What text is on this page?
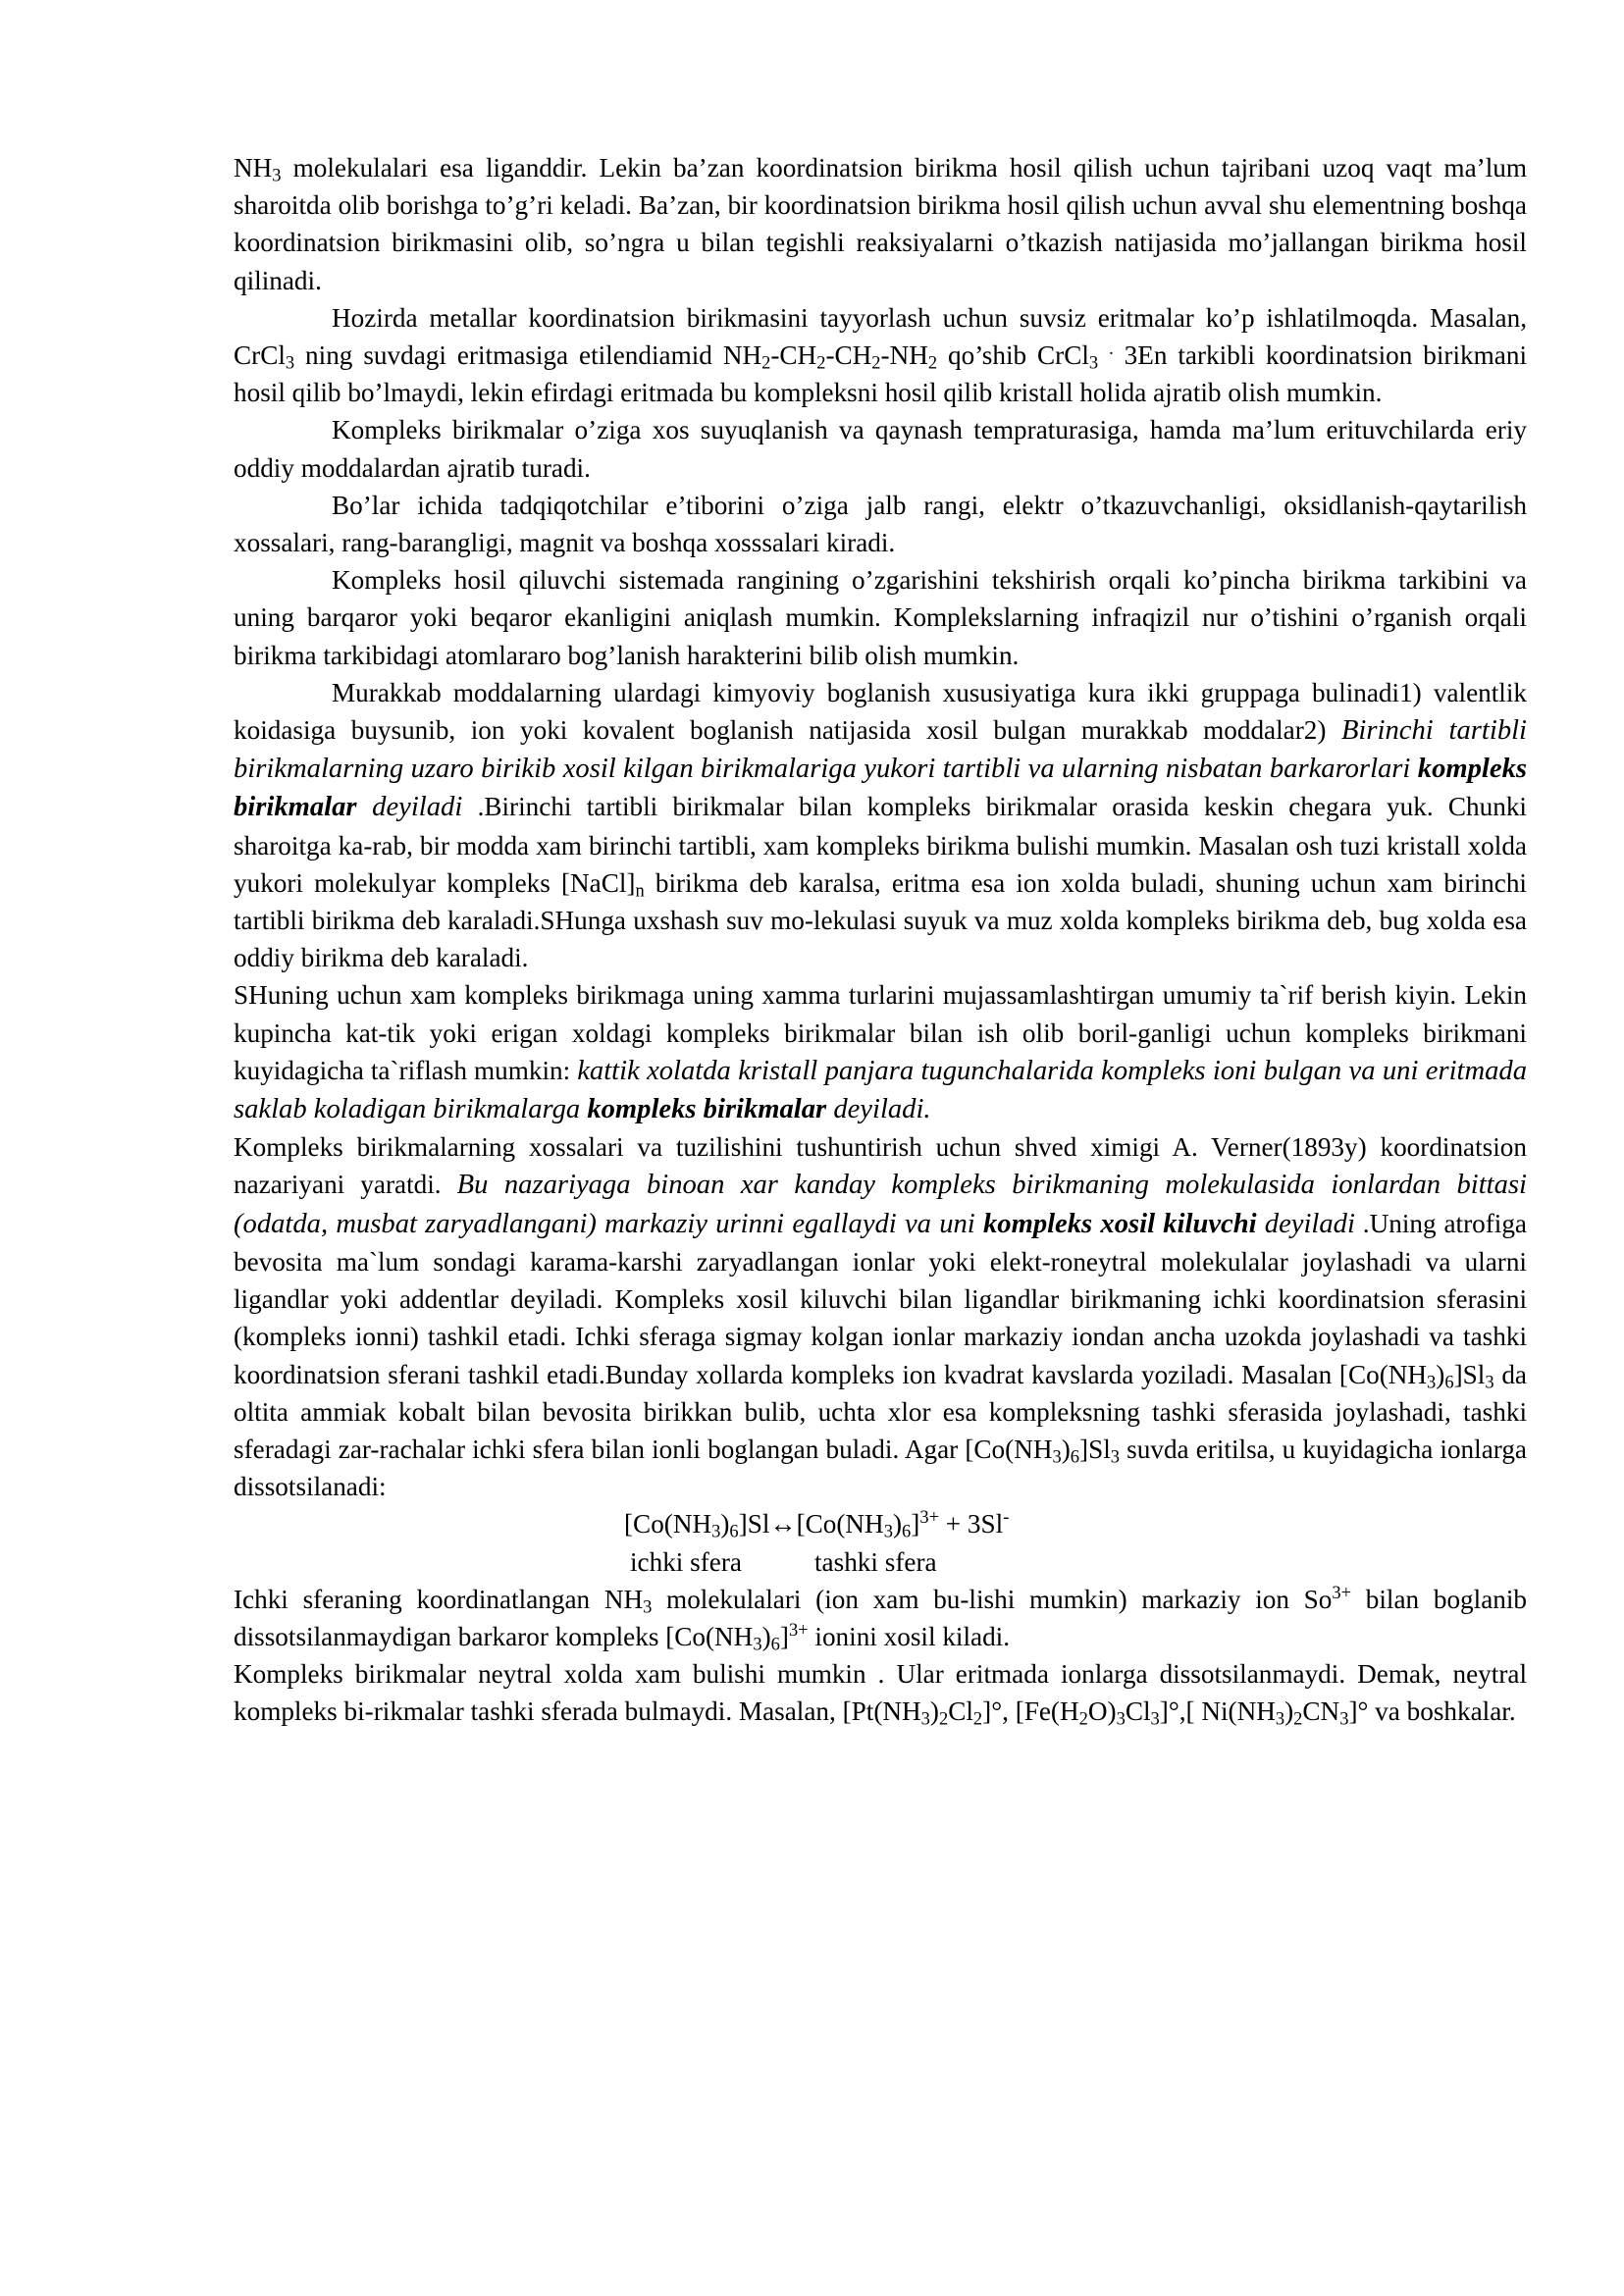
$NH_3$ molekulalari esa liganddir. Lekin ba’zan koordinatsion birikma hosil qilish uchun tajribani uzoq vaqt ma’lum sharoitda olib borishga to’g’ri keladi. Ba’zan, bir koordinatsion birikma hosil qilish uchun avval shu elementning boshqa koordinatsion birikmasini olib, so’ngra u bilan tegishli reaksiyalarni o’tkazish natijasida mo’jallangan birikma hosil qilinadi.

Hozirda metallar koordinatsion birikmasini tayyorlash uchun suvsiz eritmalar ko’p ishlatilmoqda. Masalan, CrCl$_3$ ning suvdagi eritmasiga etilendiamid $NH_2-CH_2-CH_2-NH_2$ qo’shib CrCl$_3$ . 3En tarkibli koordinatsion birikmani hosil qilib bo’lmaydi, lekin efirdagi eritmada bu kompleksni hosil qilib kristall holida ajratib olish mumkin.

Kompleks birikmalar o’ziga xos suyuqlanish va qaynash tempraturasiga, hamda ma’lum erituvchilarda eriy oddiy moddalardan ajratib turadi.

Bo’lar ichida tadqiqotchilar e’tiborini o’ziga jalb rangi, elektr o’tkazuvchanligi, oksidlanish-qaytarilish xossalari, rang-barangligi, magnit va boshqa xosssalari kiradi.

Kompleks hosil qiluvchi sistemada rangining o’zgarishini tekshirish orqali ko’pincha birikma tarkibini va uning barqaror yoki beqaror ekanligini aniqlash mumkin. Komplekslarning infraqizil nur o’tishini o’rganish orqali birikma tarkibidagi atomlararo bog’lanish harakterini bilib olish mumkin.

Murakkab moddalarning ulardagi kimyoviy boglanish xususiyatiga kura ikki gruppaga bulinadi1) valentlik koidasiga buysunib, ion yoki kovalent boglanish natijasida xosil bulgan murakkab moddalar2) Birinchi tartibli birikmalarning uzaro birikib xosil kilgan birikmalariga yukori tartibli va ularning nisbatan barkarorlari kompleks birikmalar deyiladi .Birinchi tartibli birikmalar bilan kompleks birikmalar orasida keskin chegara yuk. Chunki sharoitga ka-rab, bir modda xam birinchi tartibli, xam kompleks birikma bulishi mumkin. Masalan osh tuzi kristall xolda yukori molekulyar kompleks $[NaCl]_n$ birikma deb karalsa, eritma esa ion xolda buladi, shuning uchun xam birinchi tartibli birikma deb karaladi.SHunga uxshash suv mo-lekulasi suyuk va muz xolda kompleks birikma deb, bug xolda esa oddiy birikma deb karaladi.

SHuning uchun xam kompleks birikmaga uning xamma turlarini mujassamlashtirgan umumiy ta`rif berish kiyin. Lekin kupincha kat-tik yoki erigan xoldagi kompleks birikmalar bilan ish olib boril-ganligi uchun kompleks birikmani kuyidagicha ta`riflash mumkin: kattik xolatda kristall panjara tugunchalarida kompleks ioni bulgan va uni eritmada saklab koladigan birikmalarga kompleks birikmalar deyiladi.

Kompleks birikmalarning xossalari va tuzilishini tushuntirish uchun shved ximigi A. Verner(1893y) koordinatsion nazariyani yaratdi. Bu nazariyaga binoan xar kanday kompleks birikmaning molekulasida ionlardan bittasi (odatda, musbat zaryadlangani) markaziy urinni egallaydi va uni kompleks xosil kiluvchi deyiladi .Uning atrofiga bevosita ma`lum sondagi karama-karshi zaryadlangan ionlar yoki elekt-roneytral molekulalar joylashadi va ularni ligandlar yoki addentlar deyiladi. Kompleks xosil kiluvchi bilan ligandlar birikmaning ichki koordinatsion sferasini (kompleks ionni) tashkil etadi. Ichki sferaga sigmay kolgan ionlar markaziy iondan ancha uzokda joylashadi va tashki koordinatsion sferani tashkil etadi.Bunday xollarda kompleks ion kvadrat kavslarda yoziladi. Masalan $[Co(NH_3)_6]Sl_3$ da oltita ammiak kobalt bilan bevosita birikkan bulib, uchta xlor esa kompleksning tashki sferasida joylashadi, tashki sferadagi zar-rachalar ichki sfera bilan ionli boglangan buladi. Agar $[Co(NH_3)_6]Sl_3$ suvda eritilsa, u kuyidagicha ionlarga dissotsilanadi:

$[Co(NH_3)_6]Sl\leftrightarrow[Co(NH_3)_6]^{3+} + 3Sl^-$

ichki sfera	tashki sfera

Ichki sferaning koordinatlangan $NH_3$ molekulalari (ion xam bu-lishi mumkin) markaziy ion $So^{3+}$ bilan boglanib dissotsilanmaydigan barkaror kompleks $[Co(NH_3)_6]^{3+}$ ionini xosil kiladi.

Kompleks birikmalar neytral xolda xam bulishi mumkin . Ular eritmada ionlarga dissotsilanmaydi. Demak, neytral kompleks bi-rikmalar tashki sferada bulmaydi. Masalan, $[Pt(NH_3)_2Cl_2]^\circ$, $[Fe(H_2O)_3Cl_3]^\circ$,[ $Ni(NH_3)_2CN_3]^\circ$ va boshkalar.
